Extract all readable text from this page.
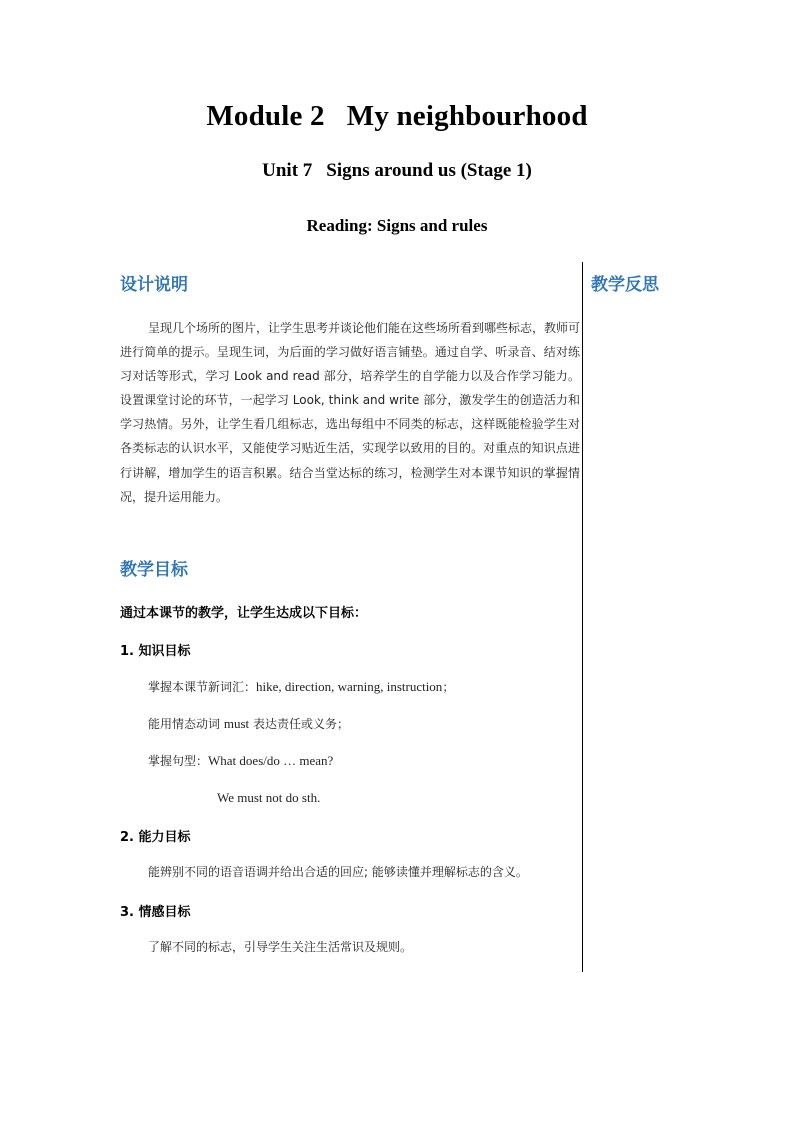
Module 2 My neighbourhood
Unit 7 Signs around us (Stage 1)
Reading: Signs and rules
设计说明	教学反思

呈现几个场所的图片，让学生思考并谈论他们能在这些场所看到哪些标志，教师可进行简单的提示。呈现生词，为后面的学习做好语言铺垫。通过自学、听录音、结对练习对话等形式，学习 Look and read 部分，培养学生的自学能力以及合作学习能力。设置课堂讨论的环节，一起学习 Look, think and write 部分，激发学生的创造活力和学习热情。另外，让学生看几组标志，选出每组中不同类的标志，这样既能检验学生对各类标志的认识水平，又能使学习贴近生活，实现学以致用的目的。对重点的知识点进行讲解，增加学生的语言积累。结合当堂达标的练习，检测学生对本课节知识的掌握情况，提升运用能力。

教学目标

通过本课节的教学，让学生达成以下目标：

1. 知识目标

掌握本课节新词汇：hike, direction, warning, instruction；

能用情态动词 must 表达责任或义务；

掌握句型：What does/do … mean?

We must not do sth.

2. 能力目标

能辨别不同的语音语调并给出合适的回应; 能够读懂并理解标志的含义。

3. 情感目标

了解不同的标志，引导学生关注生活常识及规则。
